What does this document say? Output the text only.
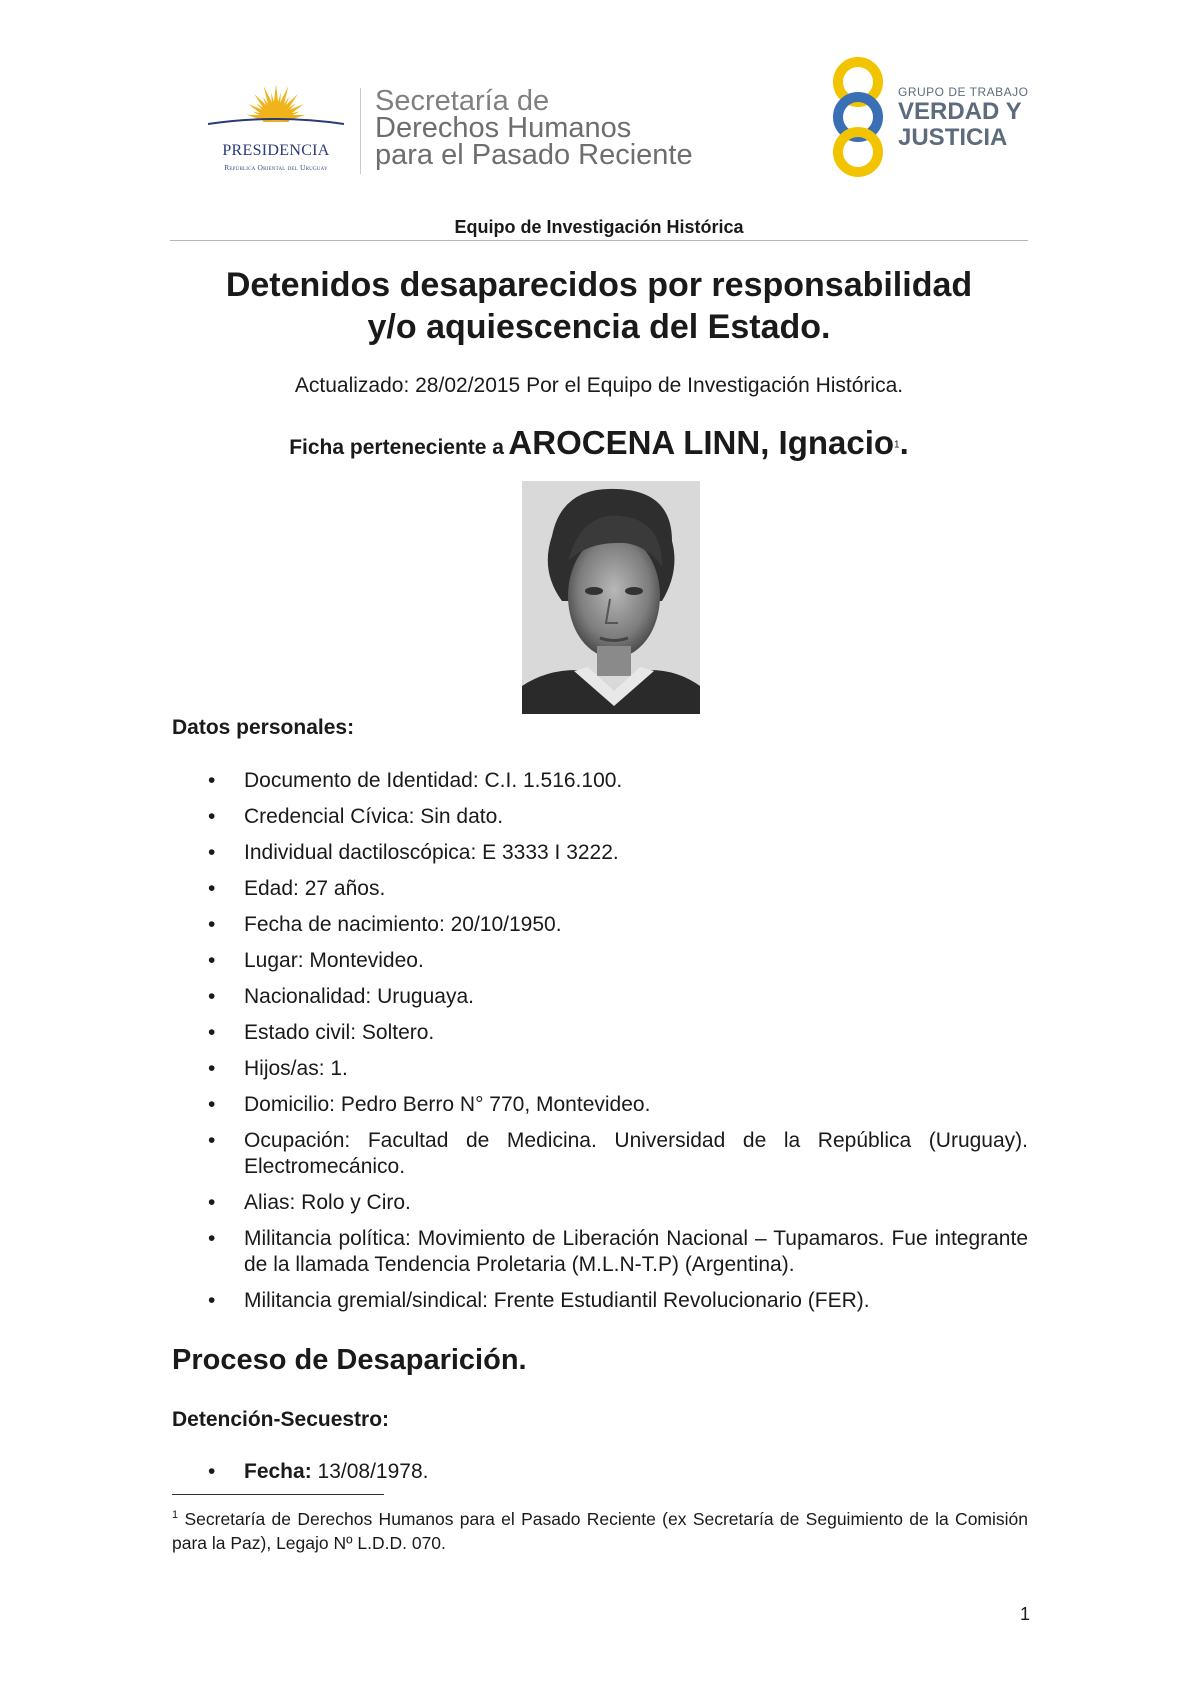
PRESIDENCIA
República Oriental del Uruguay
Secretaría de
Derechos Humanos
para el Pasado Reciente
GRUPO DE TRABAJO
VERDAD Y
JUSTICIA
Equipo de Investigación Histórica
Detenidos desaparecidos por responsabilidad
y/o aquiescencia del Estado.
Actualizado: 28/02/2015 Por el Equipo de Investigación Histórica.
Ficha perteneciente a AROCENA LINN, Ignacio$^1$.
Datos personales:
• Documento de Identidad: C.I. 1.516.100.
• Credencial Cívica: Sin dato.
• Individual dactiloscópica: E 3333 I 3222.
• Edad: 27 años.
• Fecha de nacimiento: 20/10/1950.
• Lugar: Montevideo.
• Nacionalidad: Uruguaya.
• Estado civil: Soltero.
• Hijos/as: 1.
• Domicilio: Pedro Berro N° 770, Montevideo.
• Ocupación: Facultad de Medicina. Universidad de la República (Uruguay). Electromecánico.
• Alias: Rolo y Ciro.
• Militancia política: Movimiento de Liberación Nacional – Tupamaros. Fue integrante de la llamada Tendencia Proletaria (M.L.N-T.P) (Argentina).
• Militancia gremial/sindical: Frente Estudiantil Revolucionario (FER).
Proceso de Desaparición.
Detención-Secuestro:
• Fecha: 13/08/1978.
$^1$ Secretaría de Derechos Humanos para el Pasado Reciente (ex Secretaría de Seguimiento de la Comisión para la Paz), Legajo Nº L.D.D. 070.
1
